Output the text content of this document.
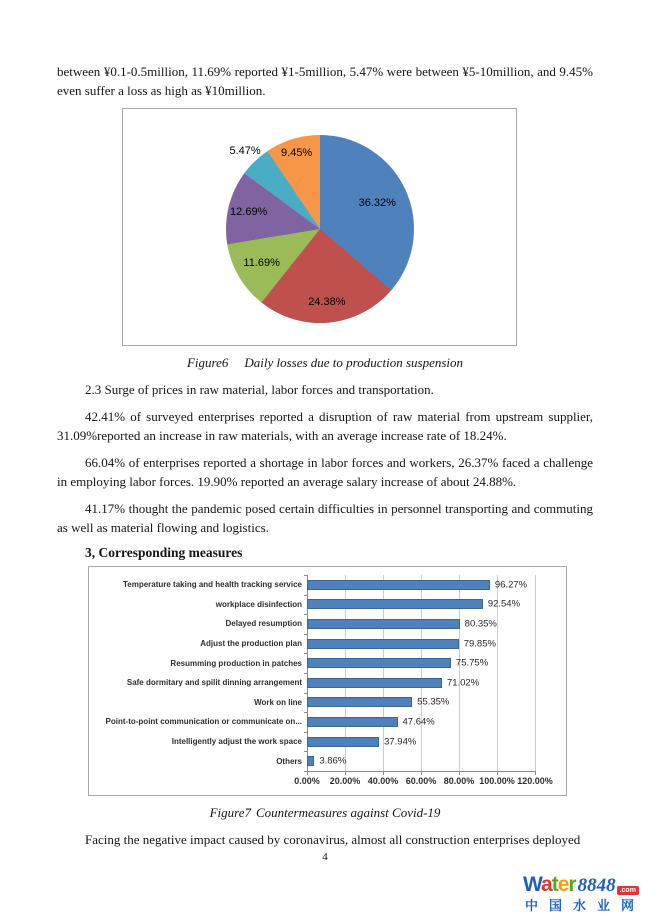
between ¥0.1-0.5million, 11.69% reported ¥1-5million, 5.47% were between ¥5-10million, and 9.45% even suffer a loss as high as ¥10million.

36.32%
24.38%
11.69%
12.69%
5.47% 9.45%

Figure6 Daily losses due to production suspension

2.3 Surge of prices in raw material, labor forces and transportation.

42.41% of surveyed enterprises reported a disruption of raw material from upstream supplier, 31.09%reported an increase in raw materials, with an average increase rate of 18.24%.

66.04% of enterprises reported a shortage in labor forces and workers, 26.37% faced a challenge in employing labor forces. 19.90% reported an average salary increase of about 24.88%.

41.17% thought the pandemic posed certain difficulties in personnel transporting and commuting as well as material flowing and logistics.

3, Corresponding measures

Temperature taking and health tracking service	96.27%
workplace disinfection	92.54%
Delayed resumption	80.35%
Adjust the production plan	79.85%
Resumming production in patches	75.75%
Safe dormitary and spilit dinning arrangement	71.02%
Work on line	55.35%
Point-to-point communication or communicate on...	47.64%
Intelligently adjust the work space	37.94%
Others	3.86%
0.00% 20.00% 40.00% 60.00% 80.00% 100.00% 120.00%

Figure7 Countermeasures against Covid-19

Facing the negative impact caused by coronavirus, almost all construction enterprises deployed

4
Water 8848 .com
中国水业网
